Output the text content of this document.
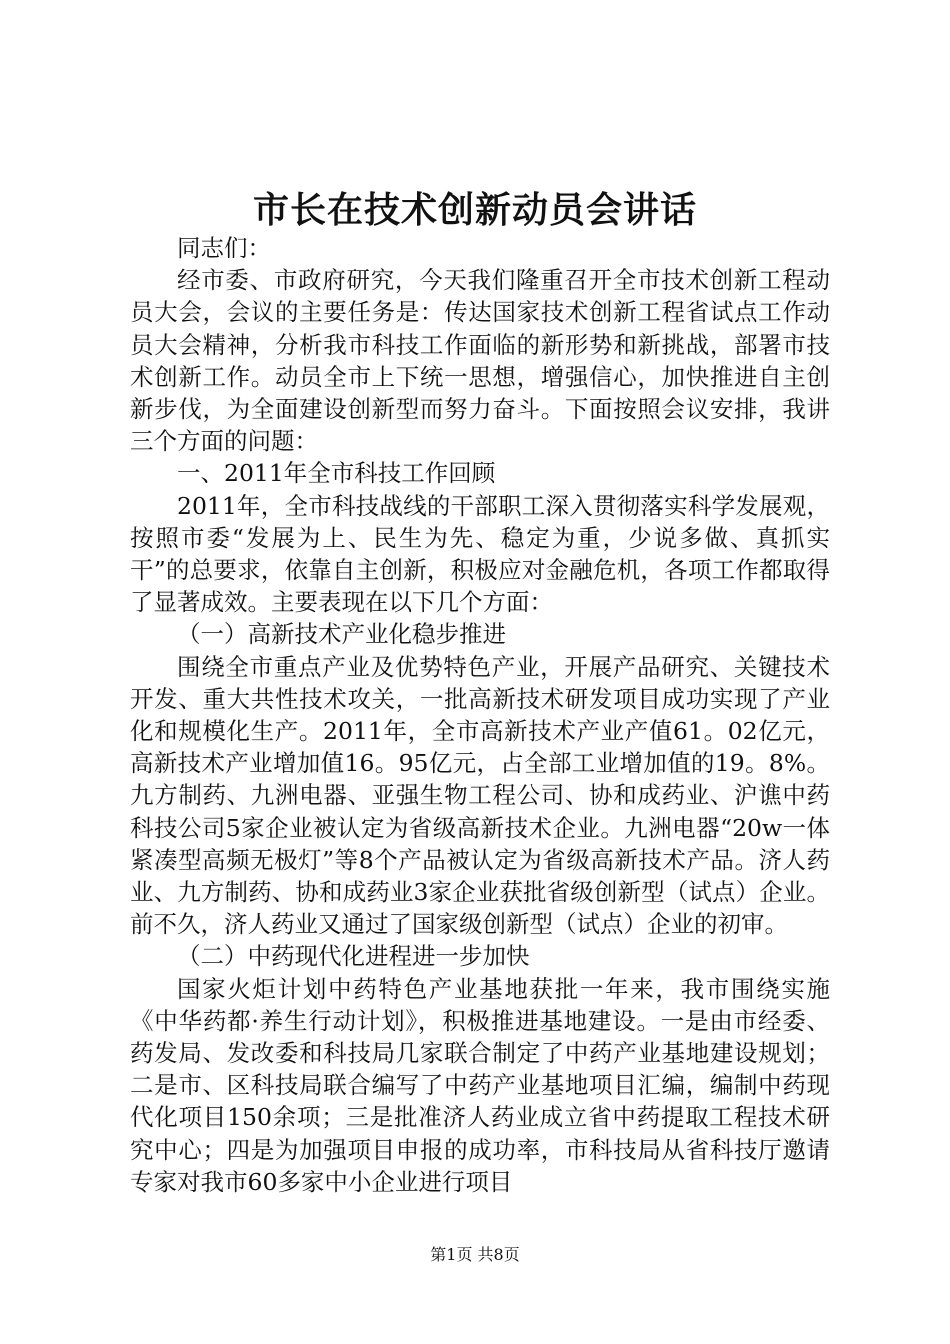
市长在技术创新动员会讲话

同志们：

经市委、市政府研究，今天我们隆重召开全市技术创新工程动员大会，会议的主要任务是：传达国家技术创新工程省试点工作动员大会精神，分析我市科技工作面临的新形势和新挑战，部署市技术创新工作。动员全市上下统一思想，增强信心，加快推进自主创新步伐，为全面建设创新型而努力奋斗。下面按照会议安排，我讲三个方面的问题：

一、2011年全市科技工作回顾

2011年，全市科技战线的干部职工深入贯彻落实科学发展观，按照市委“发展为上、民生为先、稳定为重，少说多做、真抓实干”的总要求，依靠自主创新，积极应对金融危机，各项工作都取得了显著成效。主要表现在以下几个方面：

（一）高新技术产业化稳步推进

围绕全市重点产业及优势特色产业，开展产品研究、关键技术开发、重大共性技术攻关，一批高新技术研发项目成功实现了产业化和规模化生产。2011年，全市高新技术产业产值61。02亿元，高新技术产业增加值16。95亿元，占全部工业增加值的19。8%。九方制药、九洲电器、亚强生物工程公司、协和成药业、沪谯中药科技公司5家企业被认定为省级高新技术企业。九洲电器“20w一体紧凑型高频无极灯”等8个产品被认定为省级高新技术产品。济人药业、九方制药、协和成药业3家企业获批省级创新型（试点）企业。前不久，济人药业又通过了国家级创新型（试点）企业的初审。

（二）中药现代化进程进一步加快

国家火炬计划中药特色产业基地获批一年来，我市围绕实施《中华药都·养生行动计划》，积极推进基地建设。一是由市经委、药发局、发改委和科技局几家联合制定了中药产业基地建设规划；二是市、区科技局联合编写了中药产业基地项目汇编，编制中药现代化项目150余项；三是批准济人药业成立省中药提取工程技术研究中心；四是为加强项目申报的成功率，市科技局从省科技厅邀请专家对我市60多家中小企业进行项目

第1页 共8页
